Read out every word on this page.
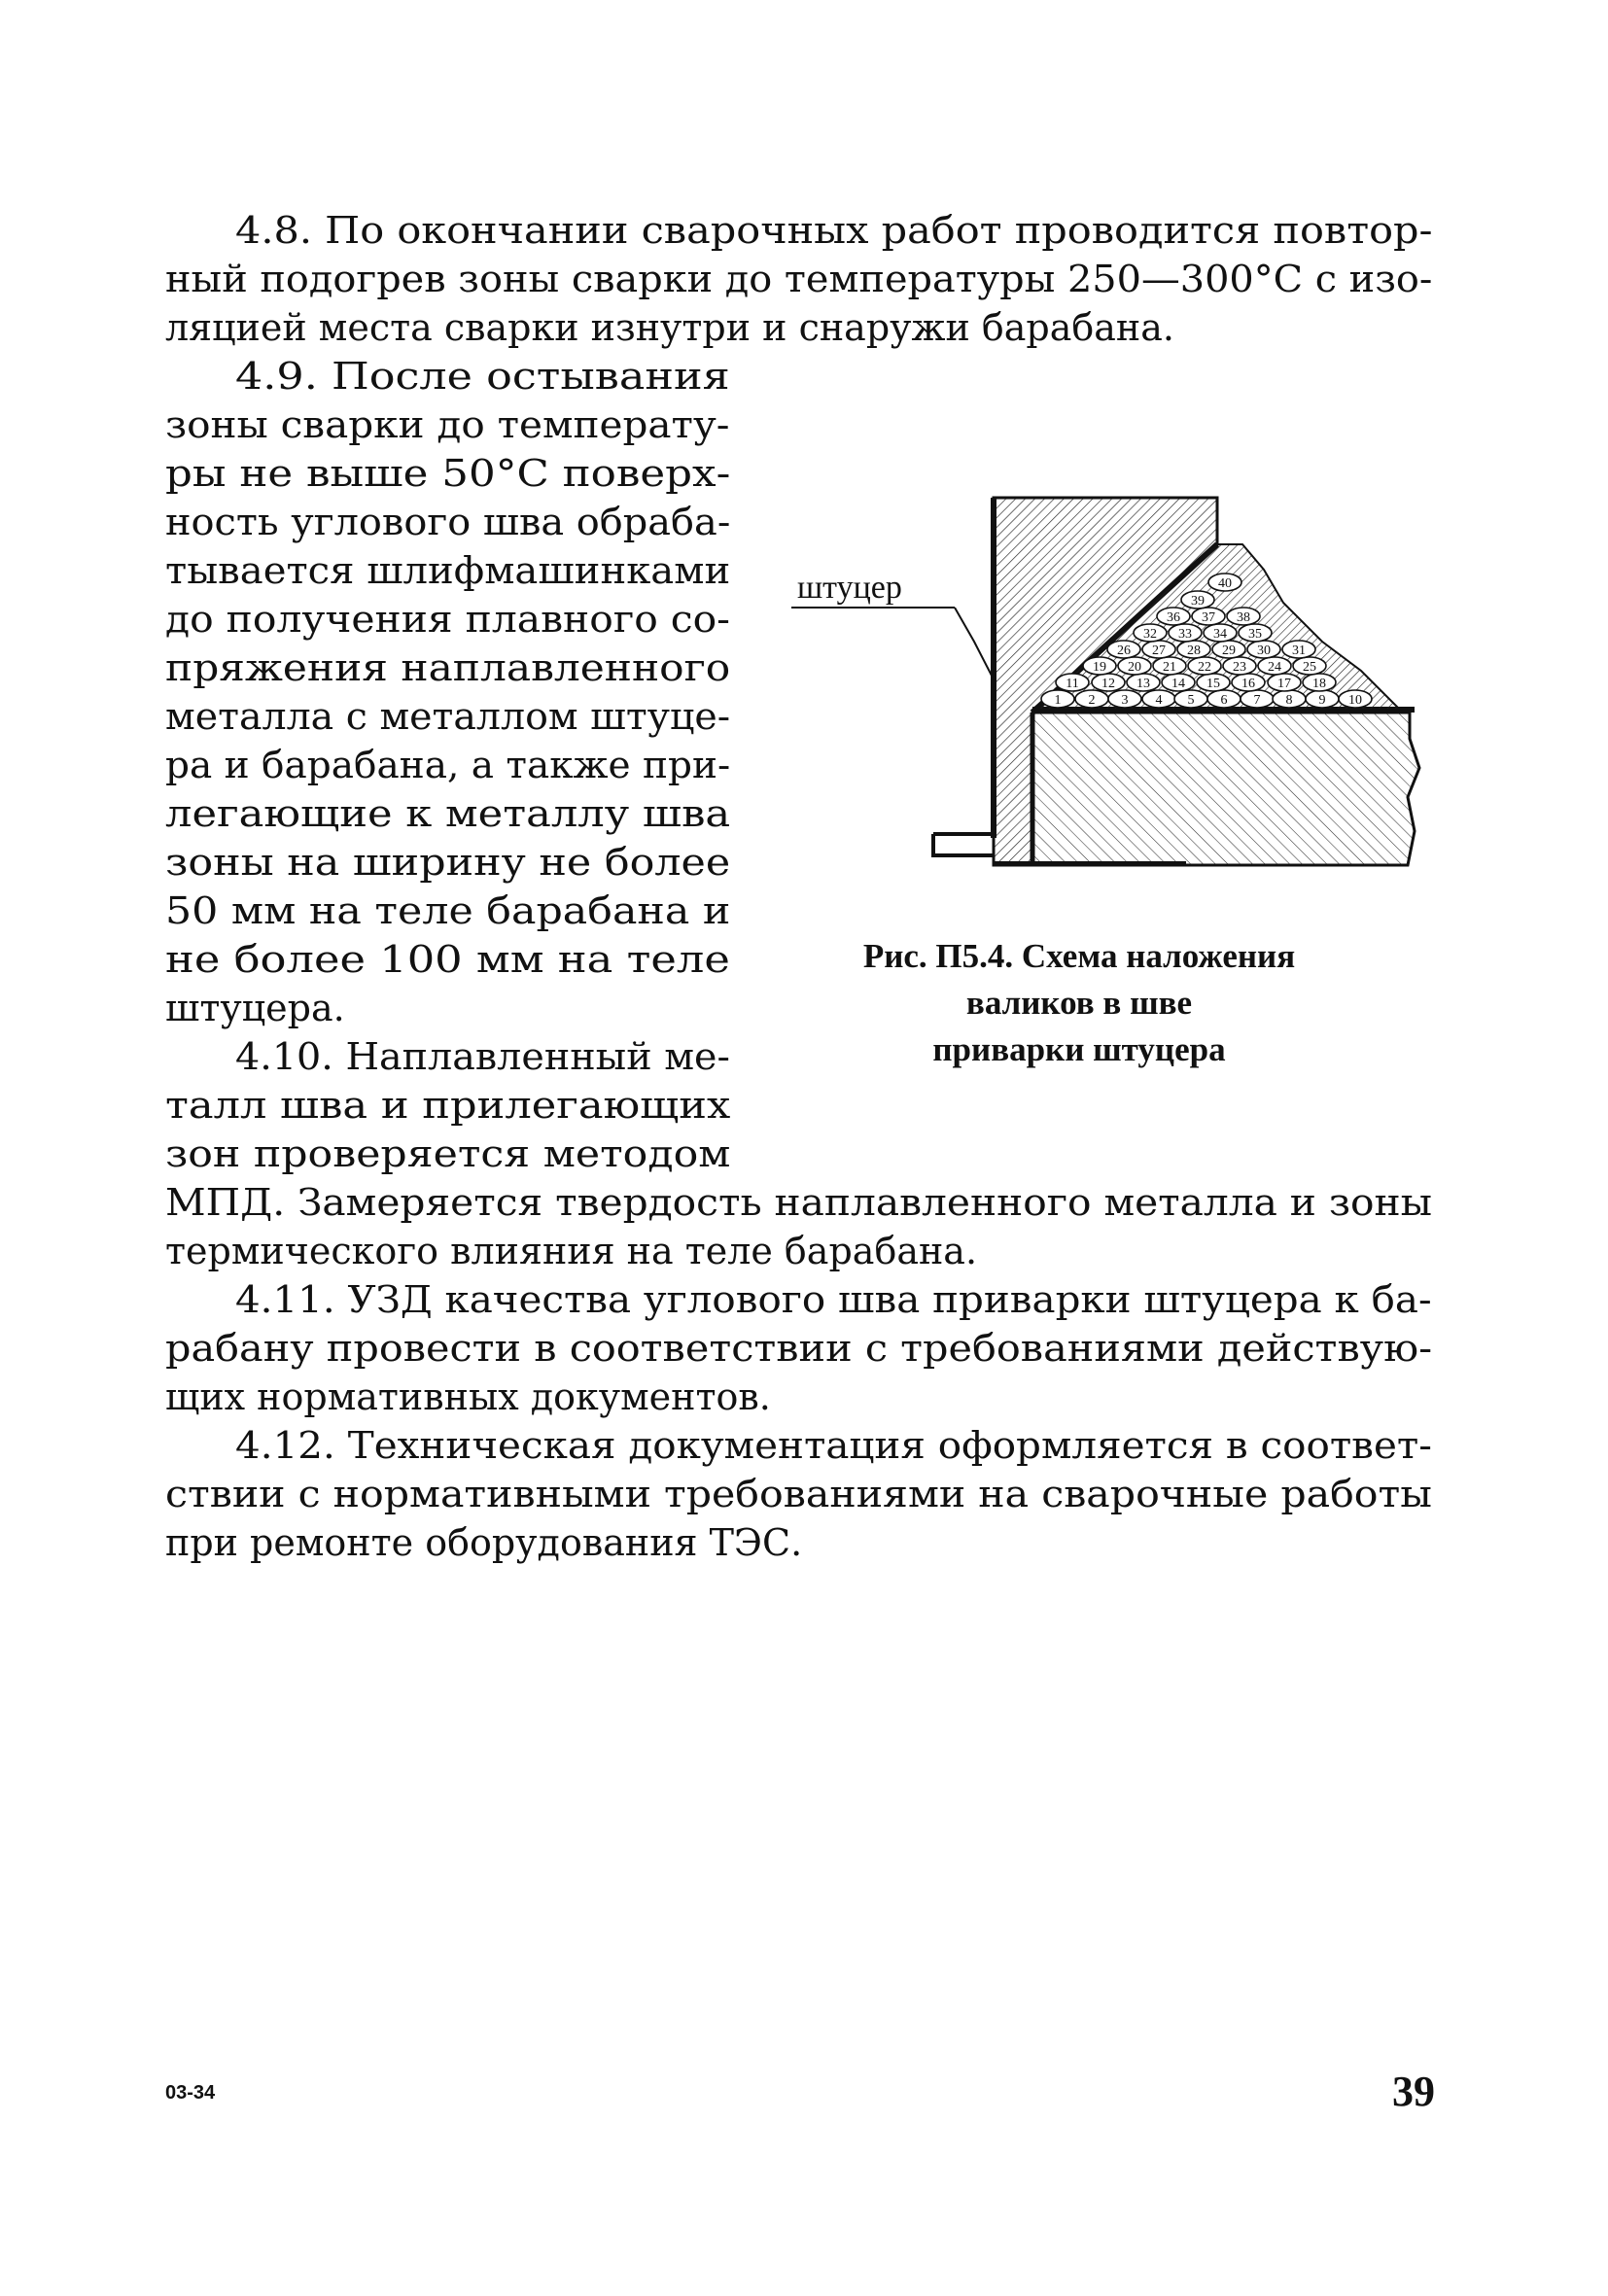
4.8. По окончании сварочных работ проводится повтор-

ный подогрев зоны сварки до температуры 250—300°С с изо-

ляцией места сварки изнутри и снаружи барабана.

4.9. После остывания

зоны сварки до температу-

ры не выше 50°С поверх-

ность углового шва обраба-

тывается шлифмашинками

до получения плавного со-

пряжения наплавленного

металла с металлом штуце-

ра и барабана, а также при-

легающие к металлу шва

зоны на ширину не более

50 мм на теле барабана и

не более 100 мм на теле

штуцера.

4.10. Наплавленный ме-

талл шва и прилегающих

зон проверяется методом

МПД. Замеряется твердость наплавленного металла и зоны

термического влияния на теле барабана.

4.11. УЗД качества углового шва приварки штуцера к ба-

рабану провести в соответствии с требованиями действую-

щих нормативных документов.

4.12. Техническая документация оформляется в соответ-

ствии с нормативными требованиями на сварочные работы

при ремонте оборудования ТЭС.

штуцер
1 2 3 4 5 6 7 8 9 10
11 12 13 14 15 16 17 18
19 20 21 22 23 24 25
26 27 28 29 30 31
32 33 34 35
36 37 38
39
40

Рис. П5.4. Схема наложения

валиков в шве

приварки штуцера

03-34	39
